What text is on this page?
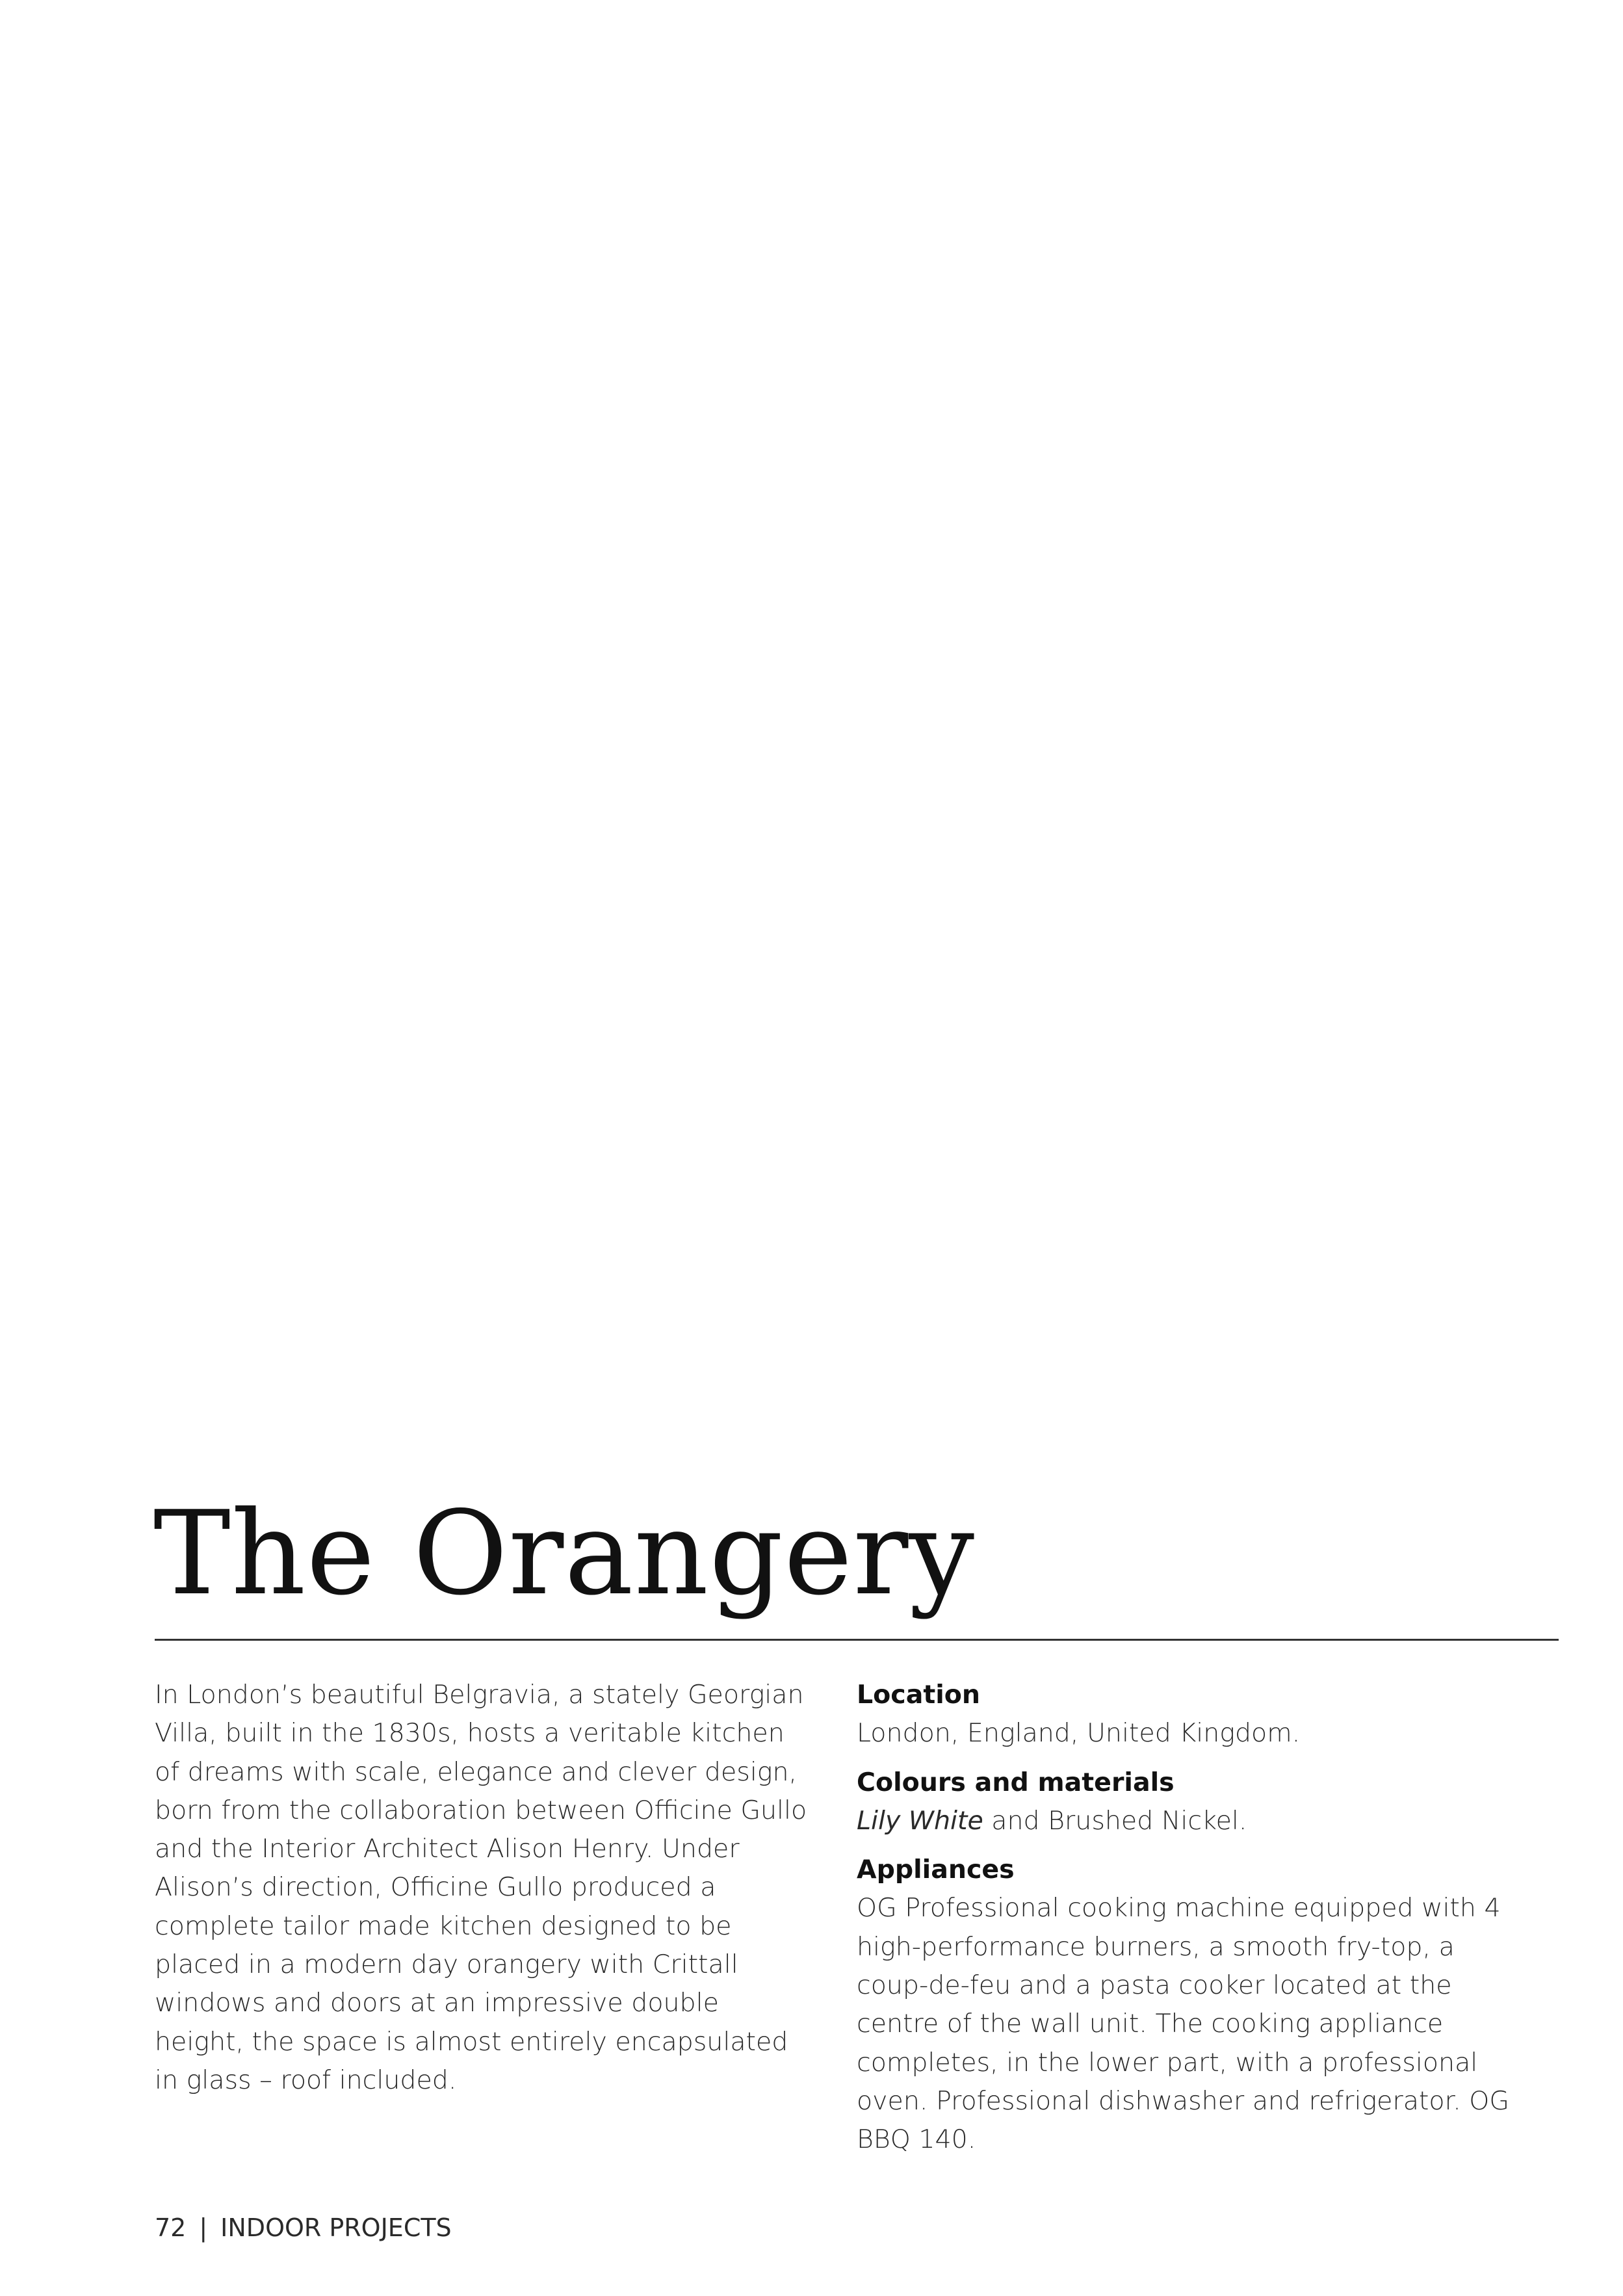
The Orangery

In London’s beautiful Belgravia, a stately Georgian Villa, built in the 1830s, hosts a veritable kitchen of dreams with scale, elegance and clever design, born from the collaboration between Officine Gullo and the Interior Architect Alison Henry. Under Alison’s direction, Officine Gullo produced a complete tailor made kitchen designed to be placed in a modern day orangery with Crittall windows and doors at an impressive double height, the space is almost entirely encapsulated in glass – roof included.

Location
London, England, United Kingdom.
Colours and materials
Lily White and Brushed Nickel.
Appliances
OG Professional cooking machine equipped with 4 high-performance burners, a smooth fry-top, a coup-de-feu and a pasta cooker located at the centre of the wall unit. The cooking appliance completes, in the lower part, with a professional oven. Professional dishwasher and refrigerator. OG BBQ 140.
72 | INDOOR PROJECTS
